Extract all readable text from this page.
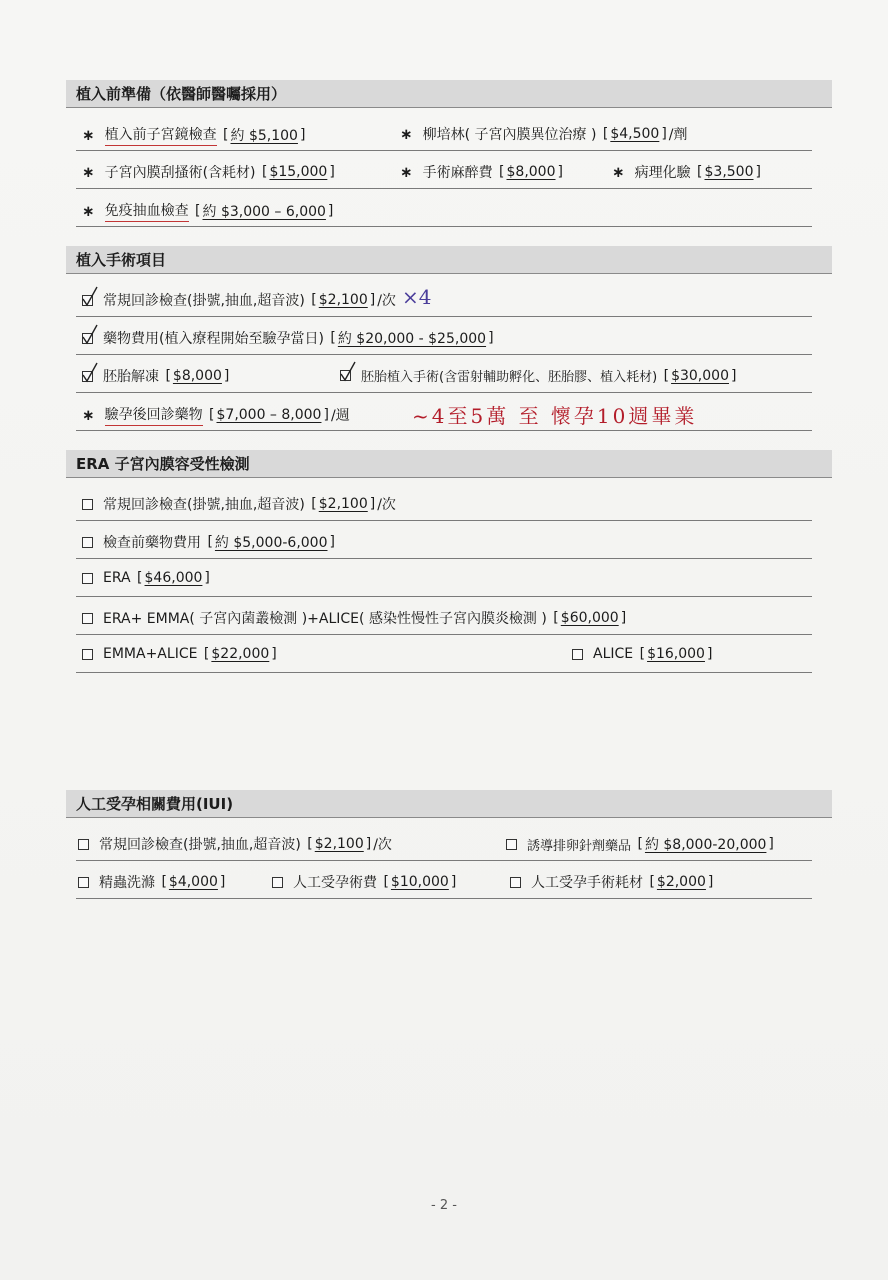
植入前準備（依醫師醫囑採用）
∗ 植入前子宮鏡檢查 [ 約 $5,100 ]	∗ 柳培林( 子宮內膜異位治療 ) [ $4,500 ] /劑
∗ 子宮內膜刮搔術(含耗材) [ $15,000 ]	∗ 手術麻醉費 [ $8,000 ]	∗ 病理化驗 [ $3,500 ]
∗ 免疫抽血檢查 [ 約 $3,000 – 6,000 ]
植入手術項目
常規回診檢查(掛號,抽血,超音波) [ $2,100 ] /次 ×4
藥物費用(植入療程開始至驗孕當日) [ 約 $20,000 - $25,000 ]
胚胎解凍 [ $8,000 ]	胚胎植入手術(含雷射輔助孵化、胚胎膠、植入耗材) [ $30,000 ]
∗ 驗孕後回診藥物 [ $7,000 – 8,000 ] /週	~4至5萬 至 懷孕10週畢業
ERA 子宮內膜容受性檢測
常規回診檢查(掛號,抽血,超音波) [ $2,100 ] /次
檢查前藥物費用 [ 約 $5,000-6,000 ]
ERA [ $46,000 ]
ERA+ EMMA( 子宮內菌叢檢測 )+ALICE( 感染性慢性子宮內膜炎檢測 ) [ $60,000 ]
EMMA+ALICE [ $22,000 ]	ALICE [ $16,000 ]
人工受孕相關費用(IUI)
常規回診檢查(掛號,抽血,超音波) [ $2,100 ] /次	誘導排卵針劑藥品 [ 約 $8,000-20,000 ]
精蟲洗滌 [ $4,000 ]	人工受孕術費 [ $10,000 ]	人工受孕手術耗材 [ $2,000 ]
- 2 -
